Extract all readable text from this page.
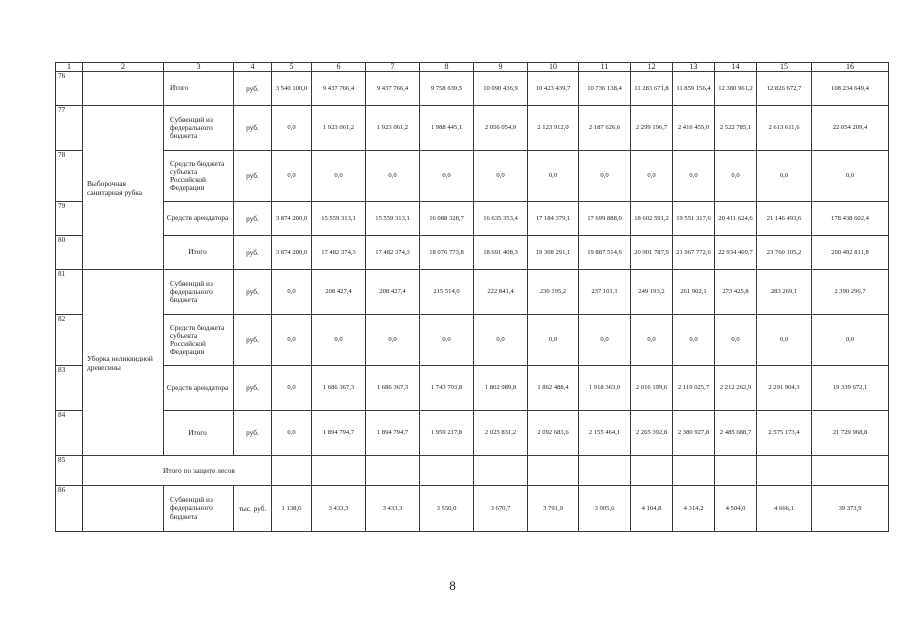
1	2	3	4	5	6	7	8	9	10	11	12	13	14	15	16
76		Итого	руб.	3 540 100,0	9 437 766,4	9 437 766,4	9 758 639,5	10 090 436,9	10 423 439,7	10 736 138,4	11 283 671,8	11 859 156,4	12 380 961,2	12 826 672,7	108 234 649,4
77	Выборочная санитарная рубка	Субвенций из федерального бюджета	руб.	0,0	1 923 061,2	1 923 061,2	1 988 445,1	2 056 054,9	2 123 912,0	2 187 626,6	2 299 196,7	2 416 455,0	2 522 785,1	2 613 611,6	22 054 209,4
78		Средств бюджета субъекта Российской Федерации	руб.	0,0	0,0	0,0	0,0	0,0	0,0	0,0	0,0	0,0	0,0	0,0	0,0
79		Средств арендатора	руб.	3 874 200,0	15 559 313,1	15 559 313,1	16 088 328,7	16 635 353,4	17 184 379,1	17 699 888,0	18 602 591,2	19 551 317,6	20 411 624,6	21 146 493,6	178 438 602,4
80		Итого	руб.	3 874 200,0	17 482 374,3	17 482 374,3	18 076 773,8	18 691 408,3	19 308 291,1	19 887 514,6	20 901 787,9	21 967 772,6	22 934 409,7	23 760 105,2	200 492 811,8
81	Уборка неликвидной древесины	Субвенций из федерального бюджета	руб.	0,0	208 427,4	208 427,4	215 514,0	222 841,4	230 195,2	237 101,1	249 193,2	261 902,1	273 425,8	283 269,1	2 390 296,7
82		Средств бюджета субъекта Российской Федерации	руб.	0,0	0,0	0,0	0,0	0,0	0,0	0,0	0,0	0,0	0,0	0,0	0,0
83		Средств арендатора	руб.	0,0	1 686 367,3	1 686 367,3	1 743 703,8	1 802 989,8	1 862 488,4	1 918 363,0	2 016 199,6	2 119 025,7	2 212 262,9	2 291 904,3	19 339 672,1
84		Итого	руб.	0,0	1 894 794,7	1 894 794,7	1 959 217,8	2 025 831,2	2 092 683,6	2 155 464,1	2 265 392,8	2 380 927,8	2 485 688,7	2 575 173,4	21 729 968,8
85	Итого по защите лесов														
86		Субвенций из федерального бюджета	тыс. руб.	1 138,6	3 433,3	3 433,3	3 550,0	3 670,7	3 791,9	3 905,6	4 104,8	4 314,2	4 504,0	4 666,1	39 373,9
8
